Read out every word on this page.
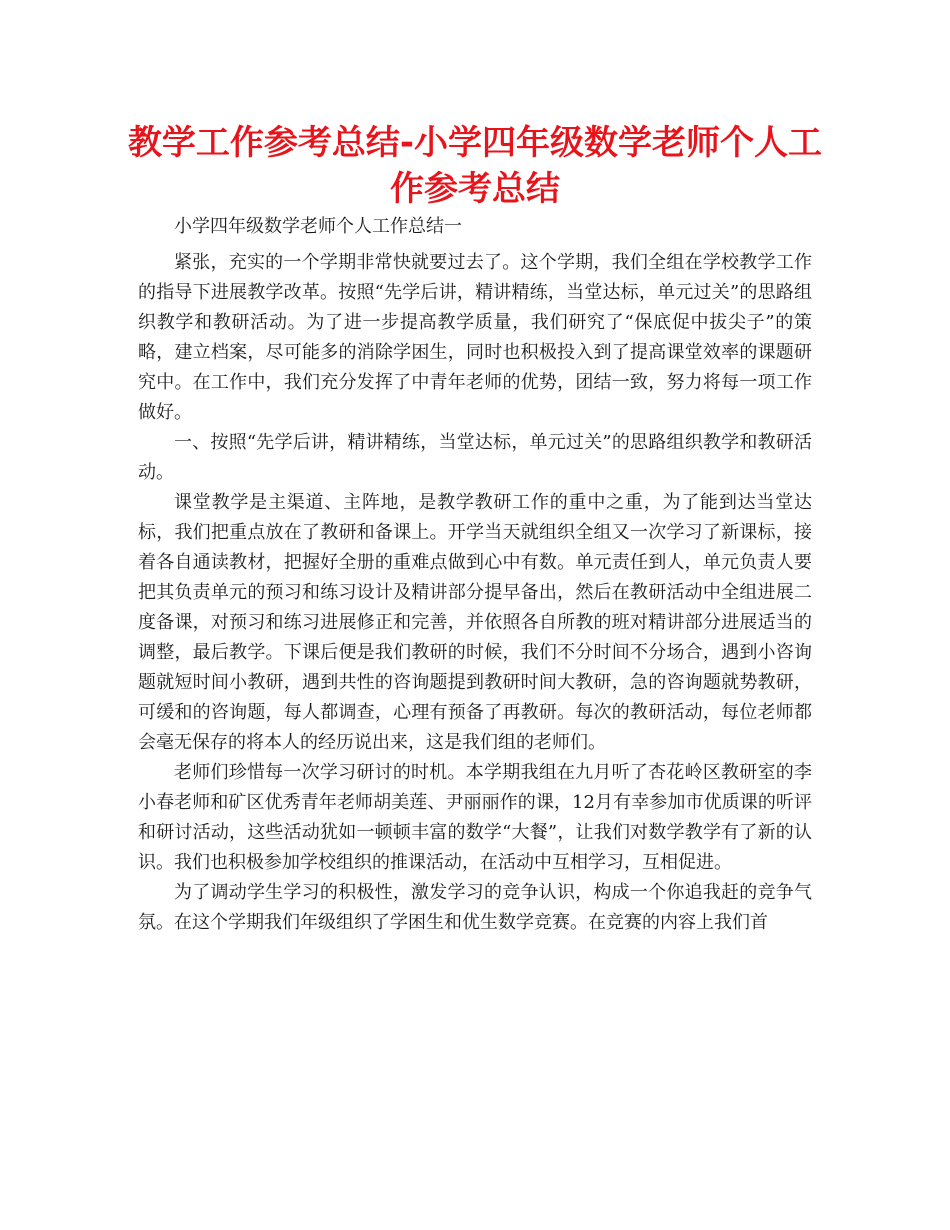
教学工作参考总结-小学四年级数学老师个人工作参考总结

小学四年级数学老师个人工作总结一

紧张，充实的一个学期非常快就要过去了。这个学期，我们全组在学校教学工作的指导下进展教学改革。按照“先学后讲，精讲精练，当堂达标，单元过关”的思路组织教学和教研活动。为了进一步提高教学质量，我们研究了“保底促中拔尖子”的策略，建立档案，尽可能多的消除学困生，同时也积极投入到了提高课堂效率的课题研究中。在工作中，我们充分发挥了中青年老师的优势，团结一致，努力将每一项工作做好。

一、按照“先学后讲，精讲精练，当堂达标，单元过关”的思路组织教学和教研活动。

课堂教学是主渠道、主阵地，是教学教研工作的重中之重，为了能到达当堂达标，我们把重点放在了教研和备课上。开学当天就组织全组又一次学习了新课标，接着各自通读教材，把握好全册的重难点做到心中有数。单元责任到人，单元负责人要把其负责单元的预习和练习设计及精讲部分提早备出，然后在教研活动中全组进展二度备课，对预习和练习进展修正和完善，并依照各自所教的班对精讲部分进展适当的调整，最后教学。下课后便是我们教研的时候，我们不分时间不分场合，遇到小咨询题就短时间小教研，遇到共性的咨询题提到教研时间大教研，急的咨询题就势教研，可缓和的咨询题，每人都调查，心理有预备了再教研。每次的教研活动，每位老师都会毫无保存的将本人的经历说出来，这是我们组的老师们。

老师们珍惜每一次学习研讨的时机。本学期我组在九月听了杏花岭区教研室的李小春老师和矿区优秀青年老师胡美莲、尹丽丽作的课，12月有幸参加市优质课的听评和研讨活动，这些活动犹如一顿顿丰富的数学“大餐”，让我们对数学教学有了新的认识。我们也积极参加学校组织的推课活动，在活动中互相学习，互相促进。

为了调动学生学习的积极性，激发学习的竞争认识，构成一个你追我赶的竞争气氛。在这个学期我们年级组织了学困生和优生数学竞赛。在竞赛的内容上我们首
